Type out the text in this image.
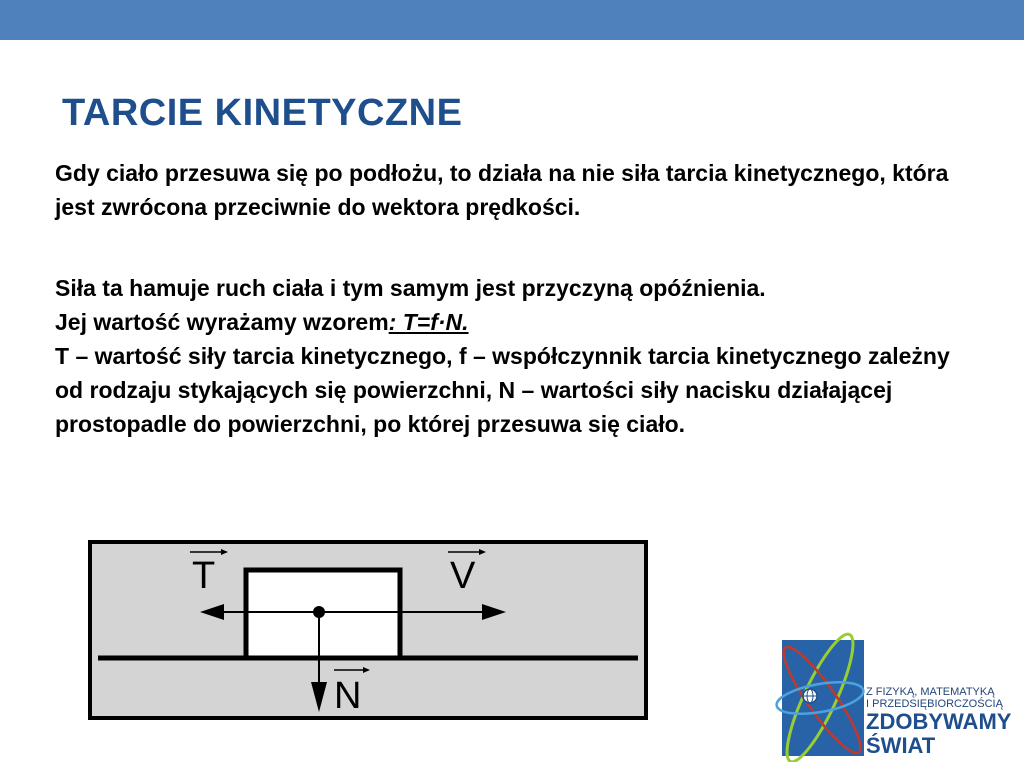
TARCIE KINETYCZNE

Gdy ciało przesuwa się po podłożu, to działa na nie siła tarcia kinetycznego, która jest zwrócona przeciwnie do wektora prędkości.

Siła ta hamuje ruch ciała i tym samym jest przyczyną opóźnienia.

Jej wartość wyrażamy wzorem: T=f·N.

T – wartość siły tarcia kinetycznego, f – współczynnik tarcia kinetycznego zależny od rodzaju stykających się powierzchni, N – wartości siły nacisku działającej prostopadle do powierzchni, po której przesuwa się ciało.

T	V
N	Z FIZYKĄ, MATEMATYKĄ
I PRZEDSIĘBIORCZOŚCIĄ
ZDOBYWAMY
ŚWIAT
